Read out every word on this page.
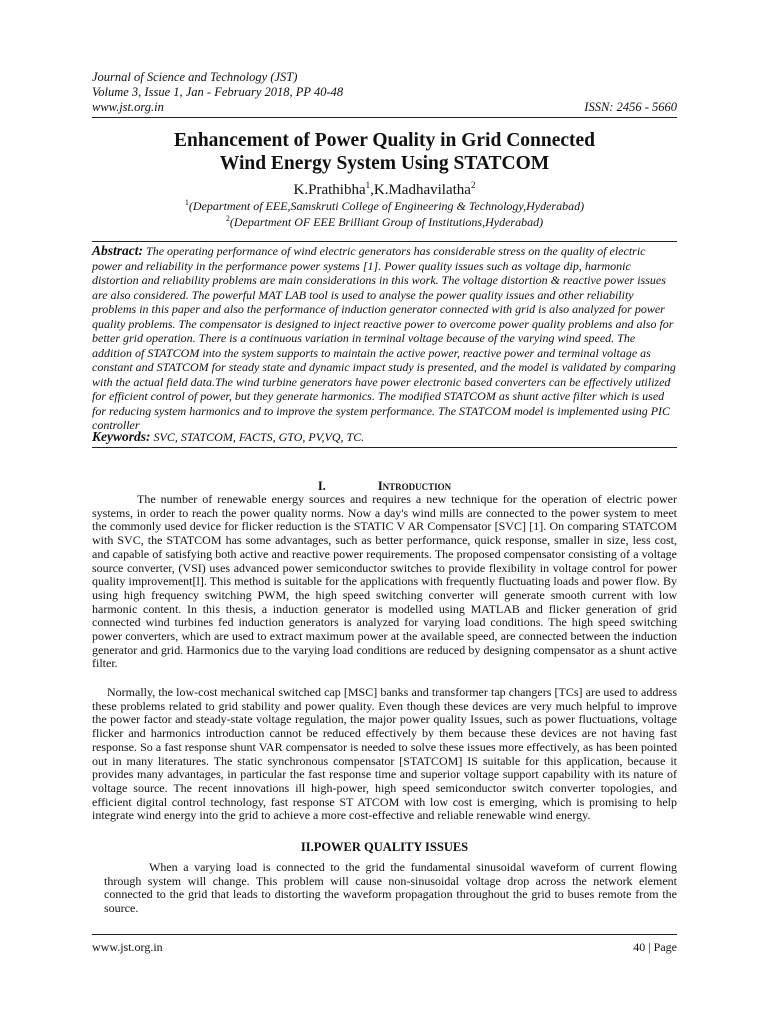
Journal of Science and Technology (JST)
Volume 3, Issue 1, Jan - February 2018, PP 40-48
www.jst.org.in	ISSN: 2456 - 5660
Enhancement of Power Quality in Grid Connected
Wind Energy System Using STATCOM
K.Prathibha$^1$,K.Madhavilatha$^2$
$^1$(Department of EEE,Samskruti College of Engineering & Technology,Hyderabad)
$^2$(Department OF EEE Brilliant Group of Institutions,Hyderabad)
Abstract: The operating performance of wind electric generators has considerable stress on the quality of electric power and reliability in the performance power systems [1]. Power quality issues such as voltage dip, harmonic distortion and reliability problems are main considerations in this work. The voltage distortion & reactive power issues are also considered. The powerful MAT LAB tool is used to analyse the power quality issues and other reliability problems in this paper and also the performance of induction generator connected with grid is also analyzed for power quality problems. The compensator is designed to inject reactive power to overcome power quality problems and also for better grid operation. There is a continuous variation in terminal voltage because of the varying wind speed. The addition of STATCOM into the system supports to maintain the active power, reactive power and terminal voltage as constant and STATCOM for steady state and dynamic impact study is presented, and the model is validated by comparing with the actual field data.The wind turbine generators have power electronic based converters can be effectively utilized for efficient control of power, but they generate harmonics. The modified STATCOM as shunt active filter which is used for reducing system harmonics and to improve the system performance. The STATCOM model is implemented using PIC controller
Keywords: SVC, STATCOM, FACTS, GTO, PV,VQ, TC.
I.	Introduction

The number of renewable energy sources and requires a new technique for the operation of electric power systems, in order to reach the power quality norms. Now a day's wind mills are connected to the power system to meet the commonly used device for flicker reduction is the STATIC V AR Compensator [SVC] [1]. On comparing STATCOM with SVC, the STATCOM has some advantages, such as better performance, quick response, smaller in size, less cost, and capable of satisfying both active and reactive power requirements. The proposed compensator consisting of a voltage source converter, (VSI) uses advanced power semiconductor switches to provide flexibility in voltage control for power quality improvement[l]. This method is suitable for the applications with frequently fluctuating loads and power flow. By using high frequency switching PWM, the high speed switching converter will generate smooth current with low harmonic content. In this thesis, a induction generator is modelled using MATLAB and flicker generation of grid connected wind turbines fed induction generators is analyzed for varying load conditions. The high speed switching power converters, which are used to extract maximum power at the available speed, are connected between the induction generator and grid. Harmonics due to the varying load conditions are reduced by designing compensator as a shunt active filter.

Normally, the low-cost mechanical switched cap [MSC] banks and transformer tap changers [TCs] are used to address these problems related to grid stability and power quality. Even though these devices are very much helpful to improve the power factor and steady-state voltage regulation, the major power quality Issues, such as power fluctuations, voltage flicker and harmonics introduction cannot be reduced effectively by them because these devices are not having fast response. So a fast response shunt VAR compensator is needed to solve these issues more effectively, as has been pointed out in many literatures. The static synchronous compensator [STATCOM] IS suitable for this application, because it provides many advantages, in particular the fast response time and superior voltage support capability with its nature of voltage source. The recent innovations ill high-power, high speed semiconductor switch converter topologies, and efficient digital control technology, fast response ST ATCOM with low cost is emerging, which is promising to help integrate wind energy into the grid to achieve a more cost-effective and reliable renewable wind energy.

II.POWER QUALITY ISSUES

When a varying load is connected to the grid the fundamental sinusoidal waveform of current flowing through system will change. This problem will cause non-sinusoidal voltage drop across the network element connected to the grid that leads to distorting the waveform propagation throughout the grid to buses remote from the source.

www.jst.org.in	40 | Page
